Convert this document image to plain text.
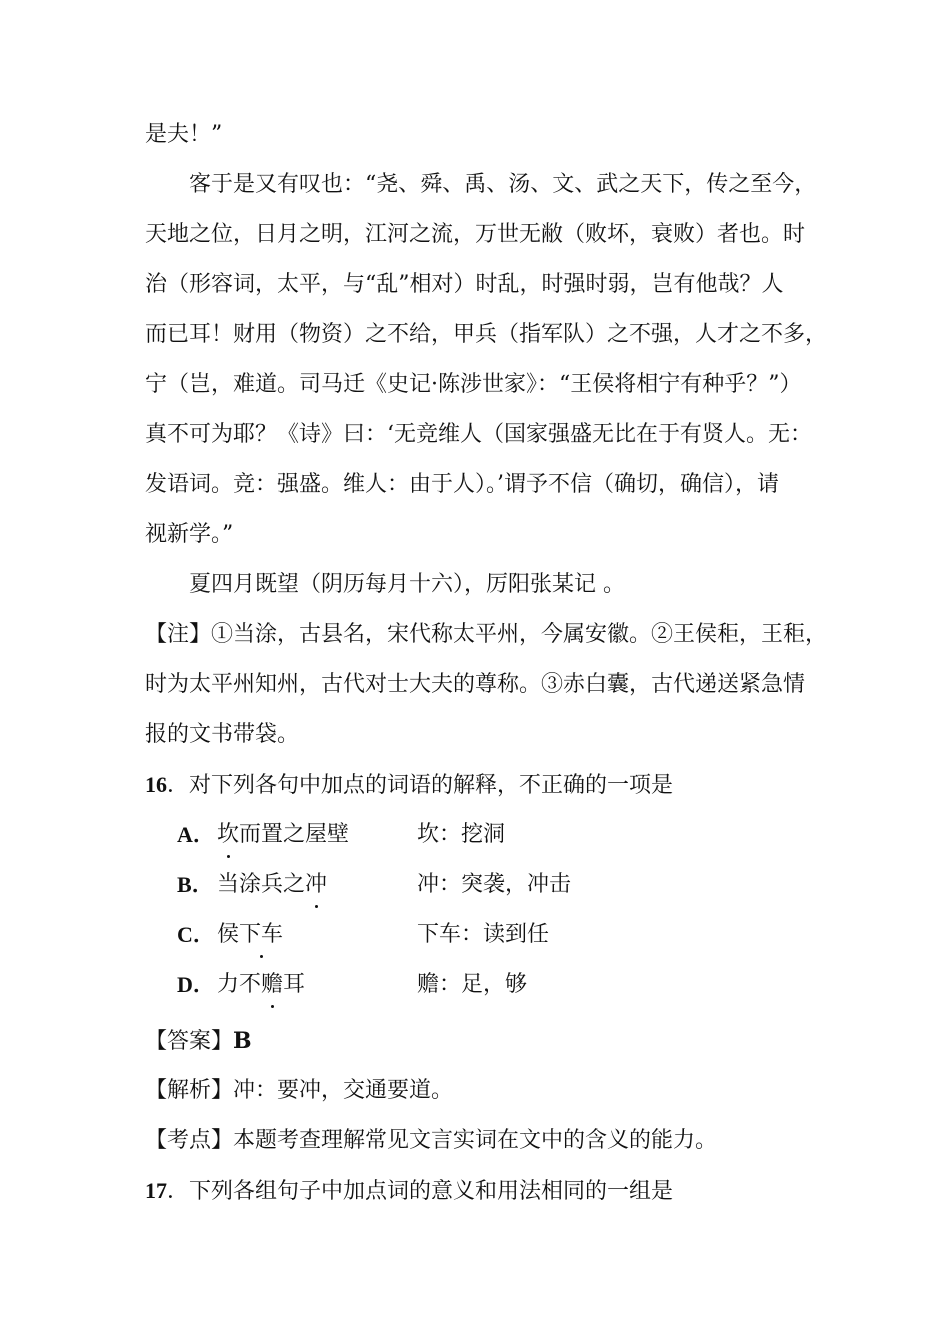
是夫！”
客于是又有叹也：“尧、舜、禹、汤、文、武之天下，传之至今，
天地之位，日月之明，江河之流，万世无敝（败坏，衰败）者也。时
治（形容词，太平，与“乱”相对）时乱，时强时弱，岂有他哉？人
而已耳！财用（物资）之不给，甲兵（指军队）之不强，人才之不多，
宁（岂，难道。司马迁《史记·陈涉世家》：“王侯将相宁有种乎？”）
真不可为耶？《诗》曰：‘无竞维人（国家强盛无比在于有贤人。无：
发语词。竞：强盛。维人：由于人）。’谓予不信（确切，确信），请
视新学。”
夏四月既望（阴历每月十六），厉阳张某记 。
【注】①当涂，古县名，宋代称太平州，今属安徽。②王侯秬，王秬，
时为太平州知州，古代对士大夫的尊称。③赤白囊，古代递送紧急情
报的文书带袋。
16．对下列各句中加点的词语的解释，不正确的一项是
A． 坎而置之屋壁	坎：挖洞
B． 当涂兵之冲	冲：突袭，冲击
C． 侯下车	下车：读到任
D． 力不赡耳	赡：足，够
【答案】B
【解析】冲：要冲，交通要道。
【考点】本题考查理解常见文言实词在文中的含义的能力。
17．下列各组句子中加点词的意义和用法相同的一组是
